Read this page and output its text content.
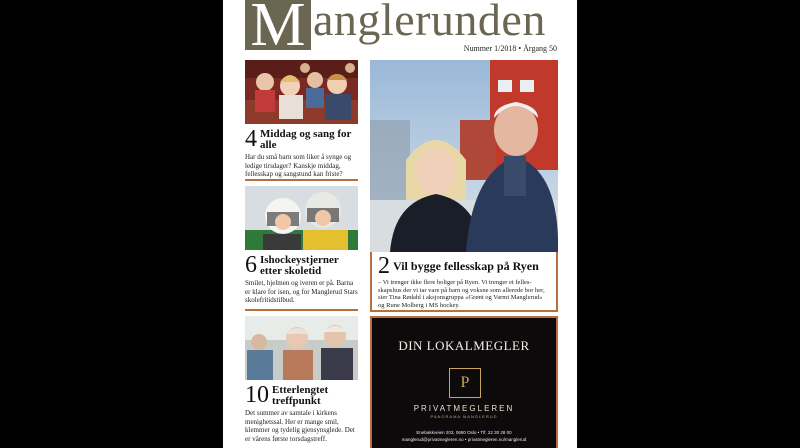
M anglerunden
Nummer 1/2018 • Årgang 50
4 Middag og sang for alle
Har du små barn som liker å synge og ledige tirsdager? Kanskje middag, fellesskap og sangstund kan friste?
6 Ishockeystjerner etter skoletid
Smilet, hjelmen og iveren er på. Barna er klare for isen, og for Manglerud Stars skolefritidstilbud.
10 Etterlengtet treffpunkt
Det summer av samtale i kirkens menighetssal. Her er mange smil, klemmer og tydelig gjensynsglede. Det er vårens første torsdagstreff.
2 Vil bygge fellesskap på Ryen
– Vi trenger ikke flere boliger på Ryen. Vi trenger et fellesskapshus der vi tar vare på barn og voksne som allerede bor her, sier Tina Rødahl i aksjonsgruppa «Grønt og Varmt Manglerud» og Rune Molberg i MS hockey.
DIN LOKALMEGLER
P
PRIVATMEGLEREN
PANORAMA MANGLERUD
Enebakkveien 203, 0680 Oslo • Tlf. 22 30 28 00
manglerud@privatmegleren.no • privatmegleren.no/manglerud
